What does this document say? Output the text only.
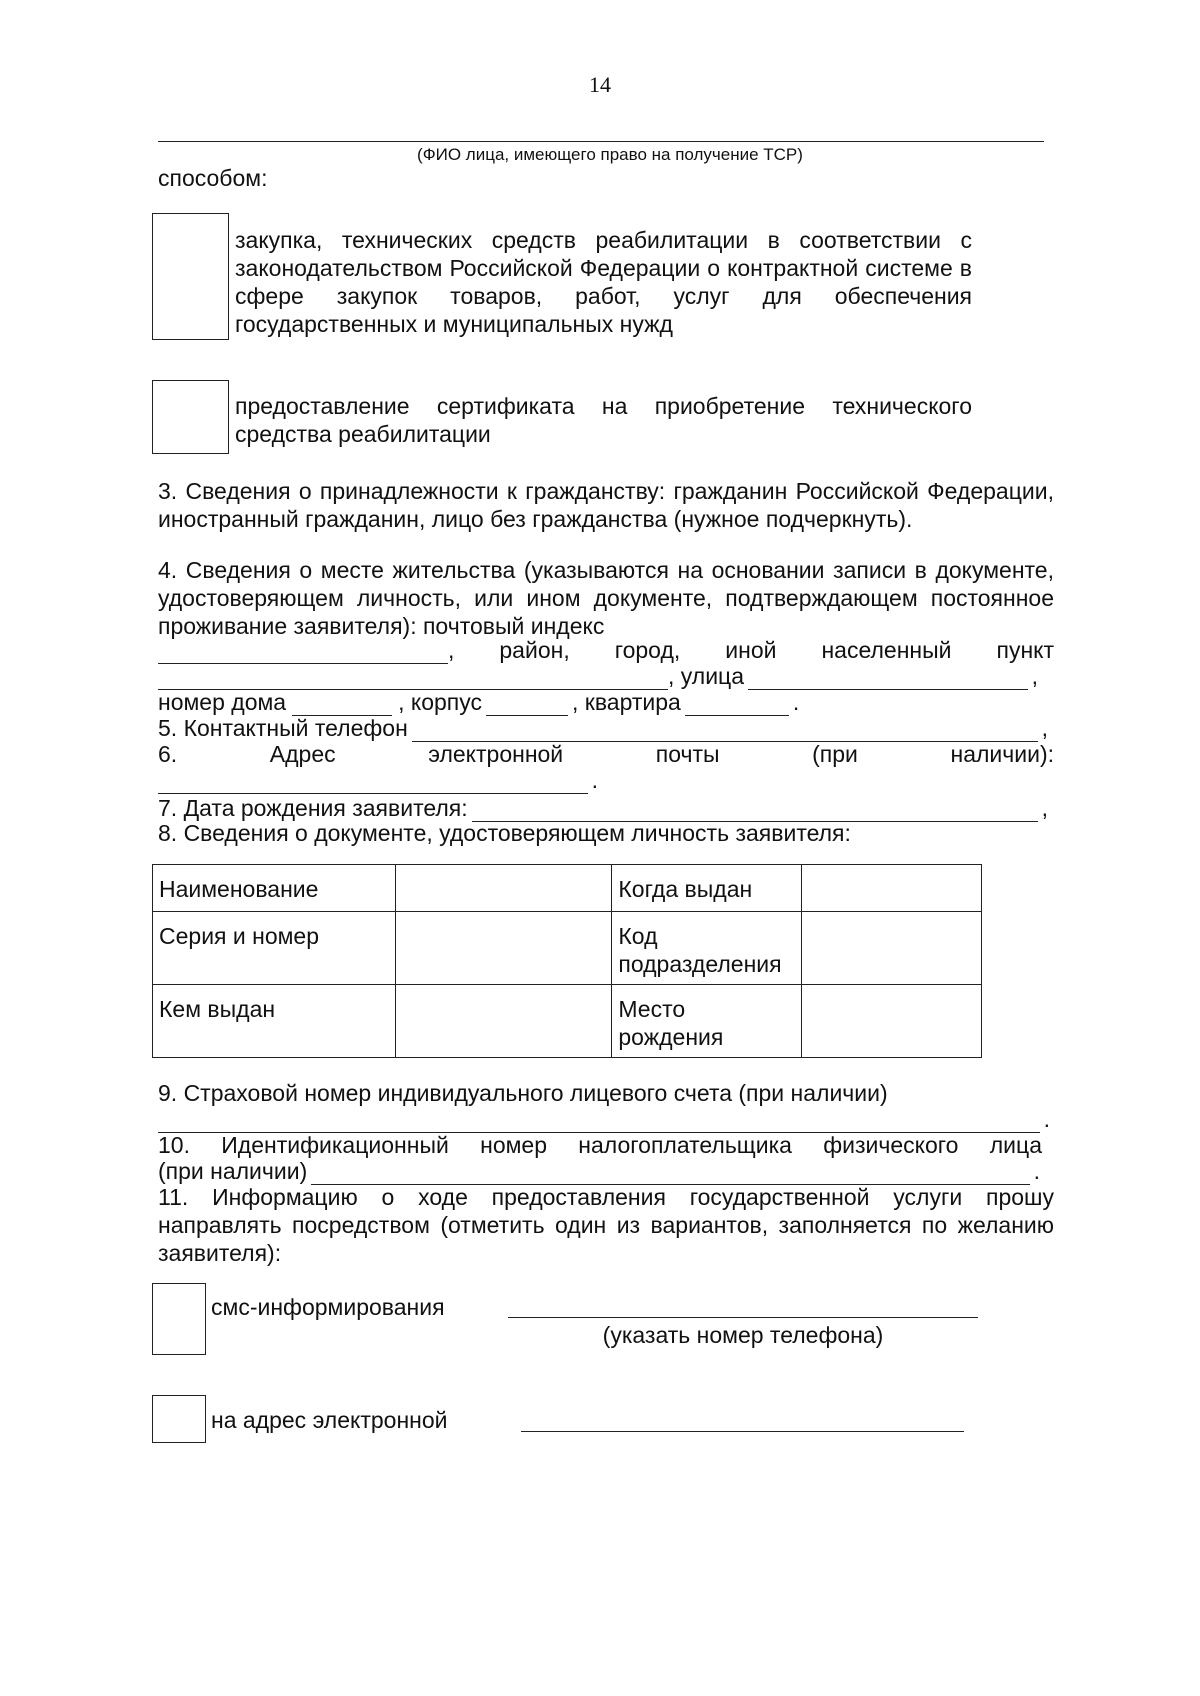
14
(ФИО лица, имеющего право на получение ТСР)
способом:
закупка, технических средств реабилитации в соответствии с законодательством Российской Федерации о контрактной системе в сфере закупок товаров, работ, услуг для обеспечения государственных и муниципальных нужд
предоставление сертификата на приобретение технического средства реабилитации
3. Сведения о принадлежности к гражданству: гражданин Российской Федерации, иностранный гражданин, лицо без гражданства (нужное подчеркнуть).
4. Сведения о месте жительства (указываются на основании записи в документе, удостоверяющем личность, или ином документе, подтверждающем постоянное проживание заявителя): почтовый индекс
, район, город, иной населенный пункт
, улица	,
номер дома	, корпус	, квартира	.
5. Контактный телефон	,
6. Адрес электронной почты (при наличии):
.
7. Дата рождения заявителя:	,
8. Сведения о документе, удостоверяющем личность заявителя:
Наименование		Когда выдан	
Серия и номер		Код подразделения	
Кем выдан		Место рождения	
9. Страховой номер индивидуального лицевого счета (при наличии)
.
10. Идентификационный номер налогоплательщика физического лица
(при наличии)	.
11. Информацию о ходе предоставления государственной услуги прошу направлять посредством (отметить один из вариантов, заполняется по желанию заявителя):
смс-информирования
(указать номер телефона)
на адрес электронной
